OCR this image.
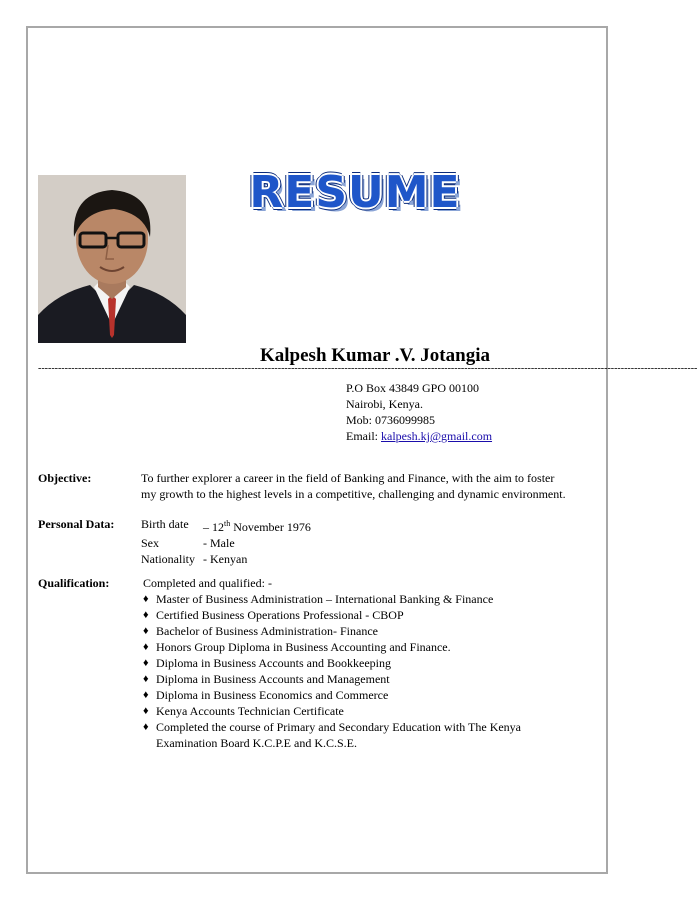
RESUME
Kalpesh Kumar .V. Jotangia
------------------------------------------------------------------------------------------------------------------------------------------------------------------------------------------------------
P.O Box 43849 GPO 00100
Nairobi, Kenya.
Mob: 0736099985
Email: kalpesh.kj@gmail.com
Objective:	To further explorer a career in the field of Banking and Finance, with the aim to foster
my growth to the highest levels in a competitive, challenging and dynamic environment.
Personal Data: Birth date	– 12th November 1976
Sex	- Male
Nationality - Kenyan
Qualification:	Completed and qualified: -
♦ Master of Business Administration – International Banking & Finance
♦ Certified Business Operations Professional - CBOP
♦ Bachelor of Business Administration- Finance
♦ Honors Group Diploma in Business Accounting and Finance.
♦ Diploma in Business Accounts and Bookkeeping
♦ Diploma in Business Accounts and Management
♦ Diploma in Business Economics and Commerce
♦ Kenya Accounts Technician Certificate
♦ Completed the course of Primary and Secondary Education with The Kenya Examination Board K.C.P.E and K.C.S.E.
